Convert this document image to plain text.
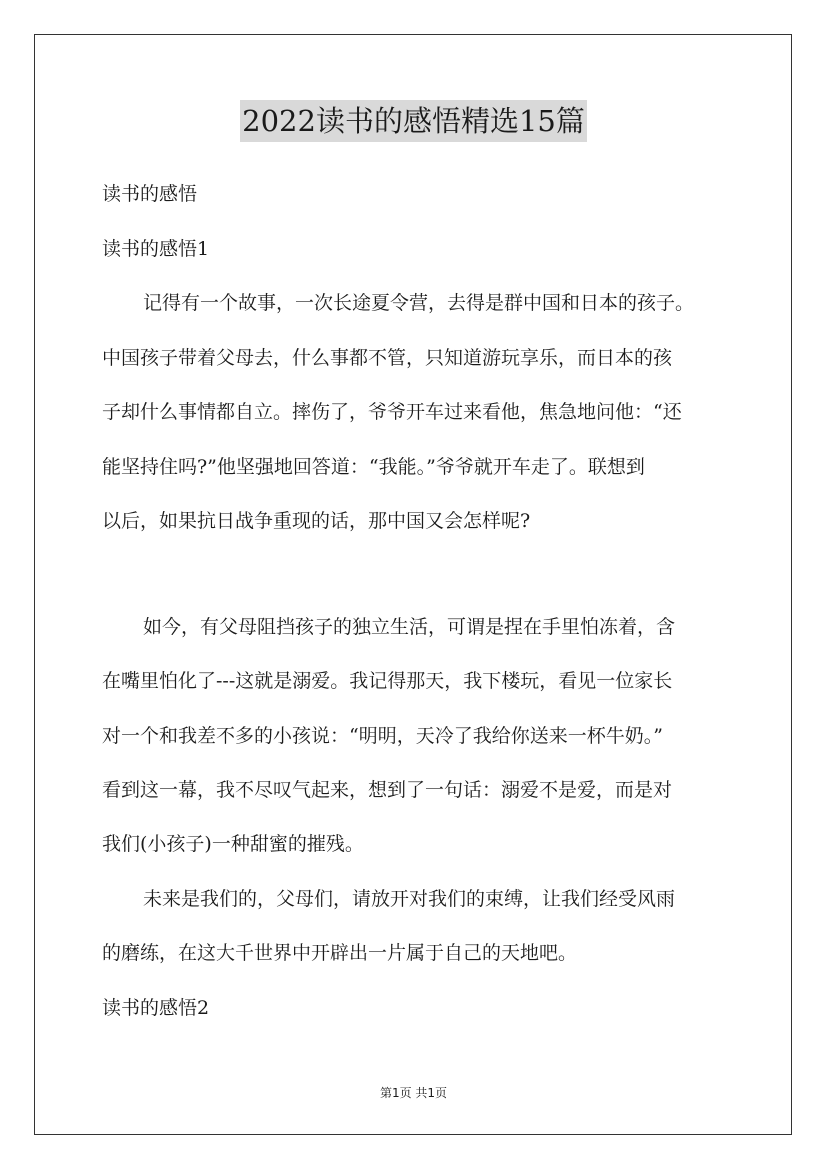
2022读书的感悟精选15篇
读书的感悟
读书的感悟1
记得有一个故事，一次长途夏令营，去得是群中国和日本的孩子。
中国孩子带着父母去，什么事都不管，只知道游玩享乐，而日本的孩
子却什么事情都自立。摔伤了，爷爷开车过来看他，焦急地问他：“还
能坚持住吗?”他坚强地回答道：“我能。”爷爷就开车走了。联想到
以后，如果抗日战争重现的话，那中国又会怎样呢?
如今，有父母阻挡孩子的独立生活，可谓是捏在手里怕冻着，含
在嘴里怕化了---这就是溺爱。我记得那天，我下楼玩，看见一位家长
对一个和我差不多的小孩说：“明明，天冷了我给你送来一杯牛奶。”
看到这一幕，我不尽叹气起来，想到了一句话：溺爱不是爱，而是对
我们(小孩子)一种甜蜜的摧残。
未来是我们的，父母们，请放开对我们的束缚，让我们经受风雨
的磨练，在这大千世界中开辟出一片属于自己的天地吧。
读书的感悟2
第1页 共1页
